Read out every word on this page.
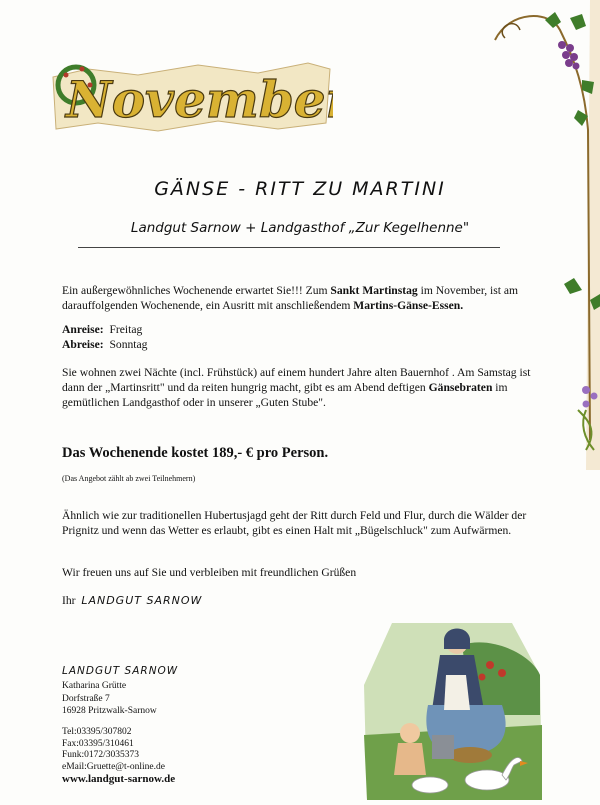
November
GÄNSE - RITT ZU MARTINI
Landgut Sarnow + Landgasthof „Zur Kegelhenne"
Ein außergewöhnliches Wochenende erwartet Sie!!! Zum Sankt Martinstag im November, ist am darauffolgenden Wochenende, ein Ausritt mit anschließendem Martins-Gänse-Essen.
Anreise: Freitag
Abreise: Sonntag
Sie wohnen zwei Nächte (incl. Frühstück) auf einem hundert Jahre alten Bauernhof . Am Samstag ist dann der „Martinsritt" und da reiten hungrig macht, gibt es am Abend deftigen Gänsebraten im gemütlichen Landgasthof oder in unserer „Guten Stube".
Das Wochenende kostet 189,- € pro Person.
(Das Angebot zählt ab zwei Teilnehmern)
Ähnlich wie zur traditionellen Hubertusjagd geht der Ritt durch Feld und Flur, durch die Wälder der Prignitz und wenn das Wetter es erlaubt, gibt es einen Halt mit „Bügelschluck" zum Aufwärmen.
Wir freuen uns auf Sie und verbleiben mit freundlichen Grüßen
Ihr LANDGUT SARNOW
LANDGUT SARNOW
Katharina Grütte
Dorfstraße 7
16928 Pritzwalk-Sarnow
Tel:03395/307802
Fax:03395/310461
Funk:0172/3035373
eMail:Gruette@t-online.de
www.landgut-sarnow.de
